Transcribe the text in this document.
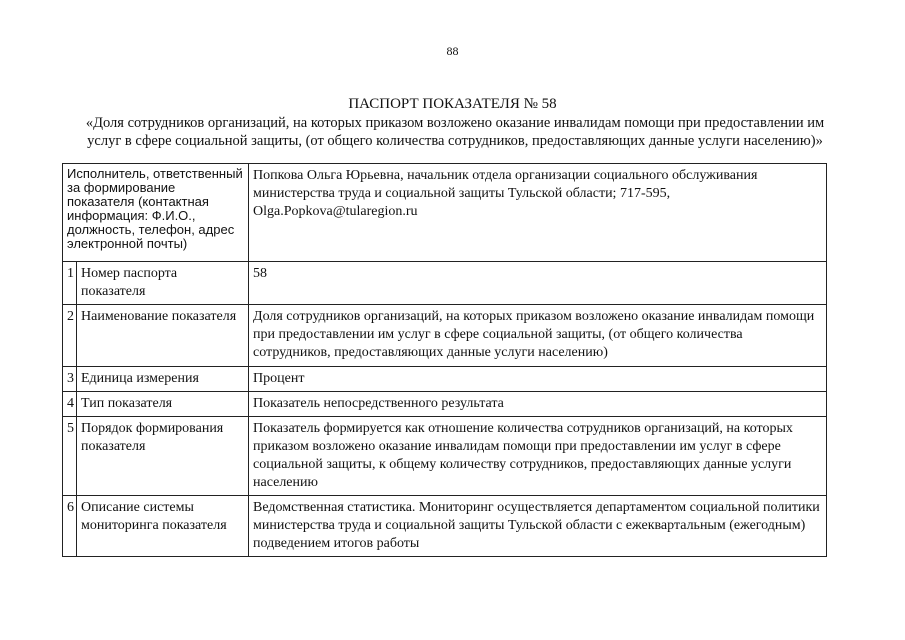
88
ПАСПОРТ ПОКАЗАТЕЛЯ № 58
«Доля сотрудников организаций, на которых приказом возложено оказание инвалидам помощи при предоставлении им услуг в сфере социальной защиты, (от общего количества сотрудников, предоставляющих данные услуги населению)»
Исполнитель, ответственный за формирование показателя (контактная информация: Ф.И.О., должность, телефон, адрес электронной почты)		Попкова Ольга Юрьевна, начальник отдела организации социального обслуживания министерства труда и социальной защиты Тульской области; 717-595,
Olga.Popkova@tularegion.ru

1	Номер паспорта показателя	58
2	Наименование показателя	Доля сотрудников организаций, на которых приказом возложено оказание инвалидам помощи при предоставлении им услуг в сфере социальной защиты, (от общего количества сотрудников, предоставляющих данные услуги населению)
3	Единица измерения	Процент
4	Тип показателя	Показатель непосредственного результата
5	Порядок формирования показателя	Показатель формируется как отношение количества сотрудников организаций, на которых приказом возложено оказание инвалидам помощи при предоставлении им услуг в сфере социальной защиты, к общему количеству сотрудников, предоставляющих данные услуги населению
6	Описание системы мониторинга показателя	Ведомственная статистика. Мониторинг осуществляется департаментом социальной политики министерства труда и социальной защиты Тульской области с ежеквартальным (ежегодным) подведением итогов работы
